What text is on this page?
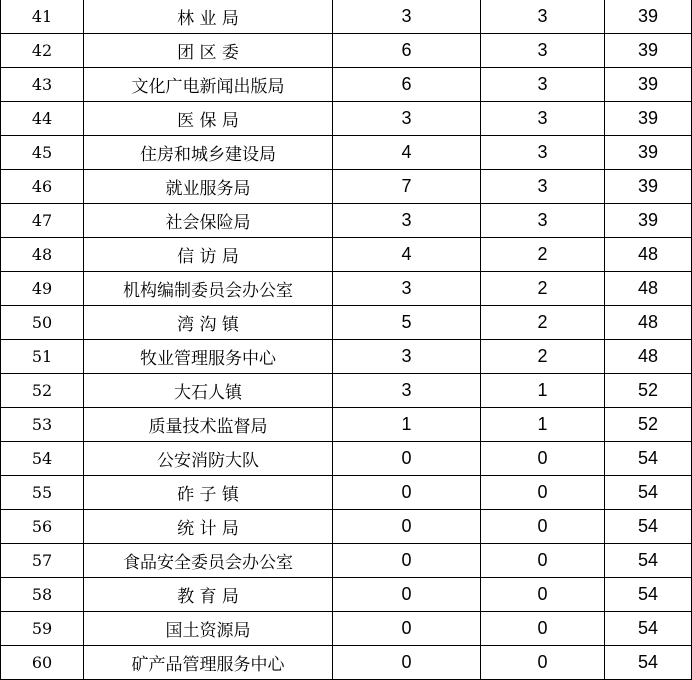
41	林 业 局	3	3	39
42	团 区 委	6	3	39
43	文化广电新闻出版局	6	3	39
44	医 保 局	3	3	39
45	住房和城乡建设局	4	3	39
46	就业服务局	7	3	39
47	社会保险局	3	3	39
48	信 访 局	4	2	48
49	机构编制委员会办公室	3	2	48
50	湾 沟 镇	5	2	48
51	牧业管理服务中心	3	2	48
52	大石人镇	3	1	52
53	质量技术监督局	1	1	52
54	公安消防大队	0	0	54
55	砟 子 镇	0	0	54
56	统 计 局	0	0	54
57	食品安全委员会办公室	0	0	54
58	教 育 局	0	0	54
59	国土资源局	0	0	54
60	矿产品管理服务中心	0	0	54
